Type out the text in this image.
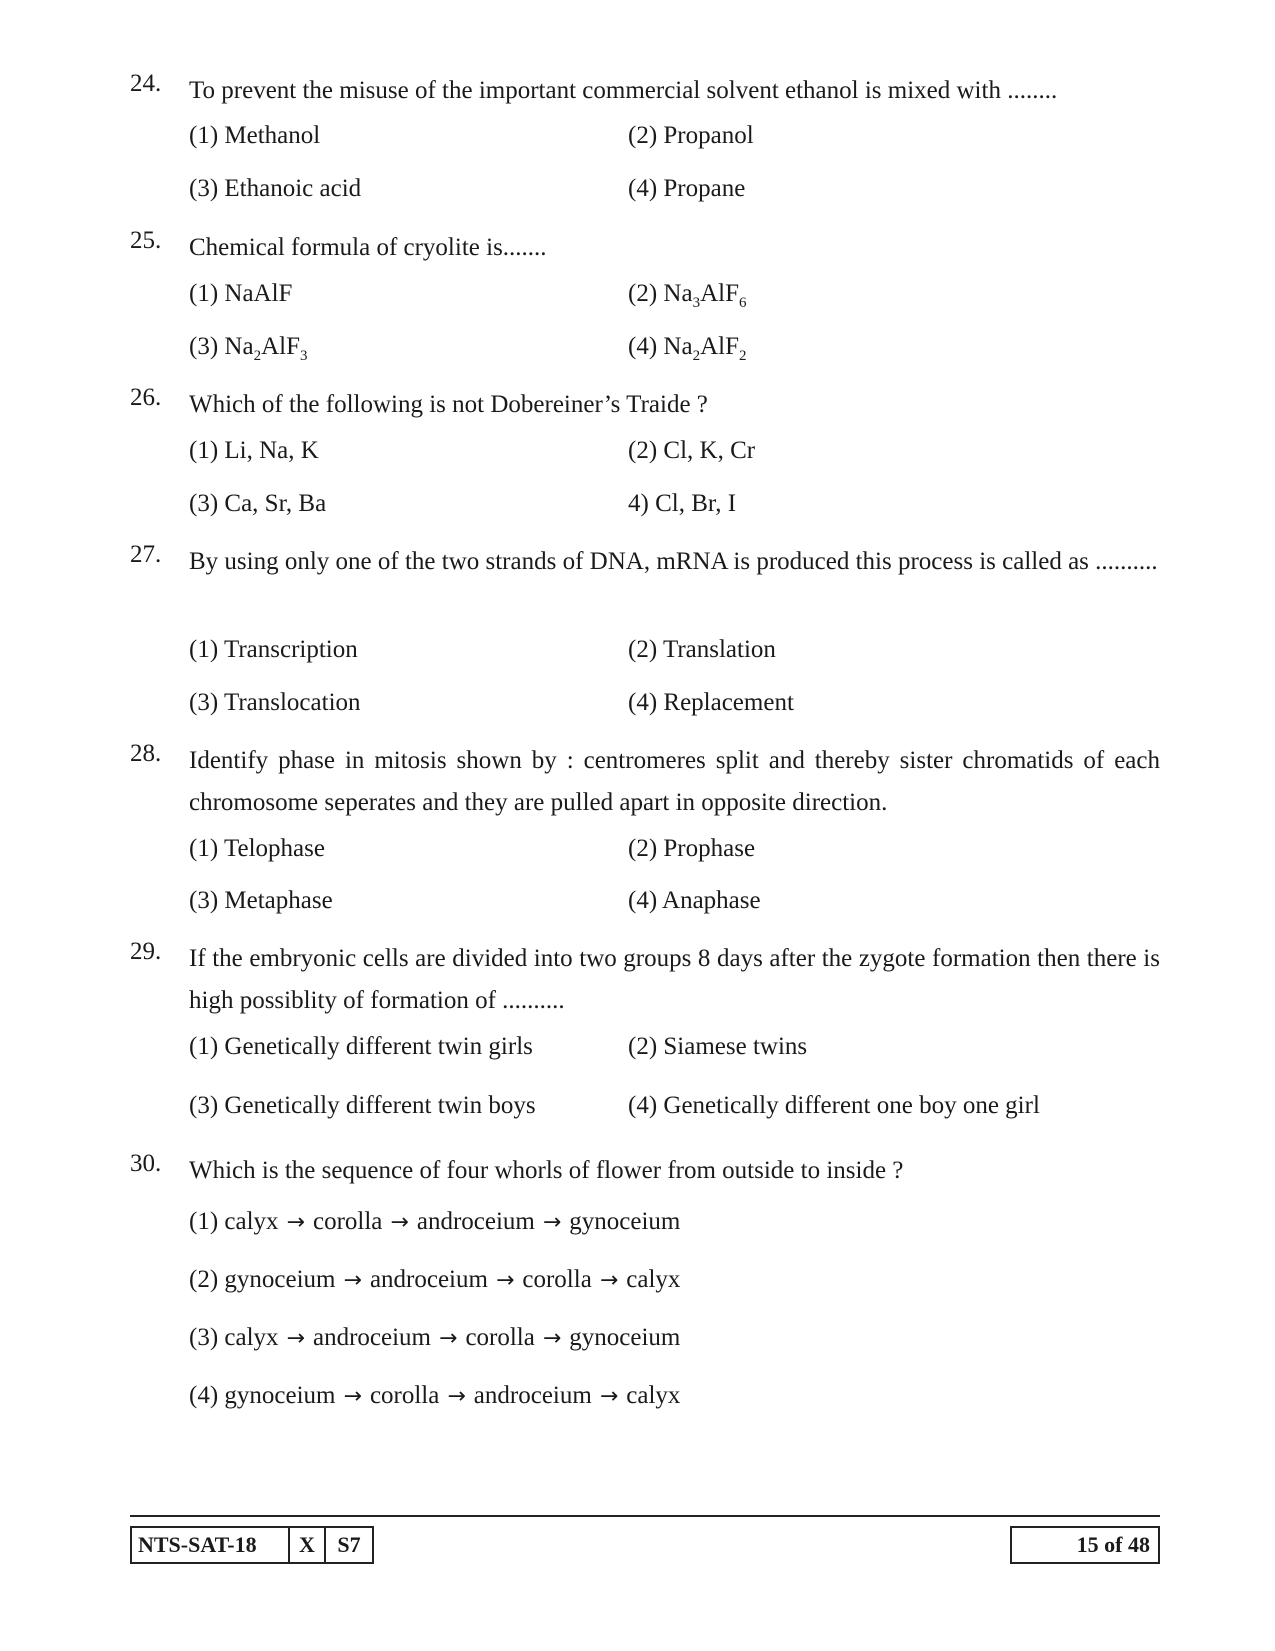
24.	To prevent the misuse of the important commercial solvent ethanol is mixed with ........
(1) Methanol	(2) Propanol
(3) Ethanoic acid	(4) Propane
25.	Chemical formula of cryolite is.......
(1) NaAlF	(2) $Na_3AlF_6$
(3) $Na_2AlF_3$	(4) $Na_2AlF_2$
26.	Which of the following is not Dobereiner’s Traide ?
(1) Li, Na, K	(2) Cl, K, Cr
(3) Ca, Sr, Ba	4) Cl, Br, I
27.	By using only one of the two strands of DNA, mRNA is produced this process is called as ..........
(1) Transcription	(2) Translation
(3) Translocation	(4) Replacement
28.	Identify phase in mitosis shown by : centromeres split and thereby sister chromatids of each chromosome seperates and they are pulled apart in opposite direction.
(1) Telophase	(2) Prophase
(3) Metaphase	(4) Anaphase
29.	If the embryonic cells are divided into two groups 8 days after the zygote formation then there is high possiblity of formation of ..........
(1) Genetically different twin girls	(2) Siamese twins
(3) Genetically different twin boys	(4) Genetically different one boy one girl
30.	Which is the sequence of four whorls of flower from outside to inside ?
(1) calyx → corolla → androceium → gynoceium
(2) gynoceium → androceium → corolla → calyx
(3) calyx → androceium → corolla → gynoceium
(4) gynoceium → corolla → androceium → calyx
NTS-SAT-18	X	S7	15 of 48
